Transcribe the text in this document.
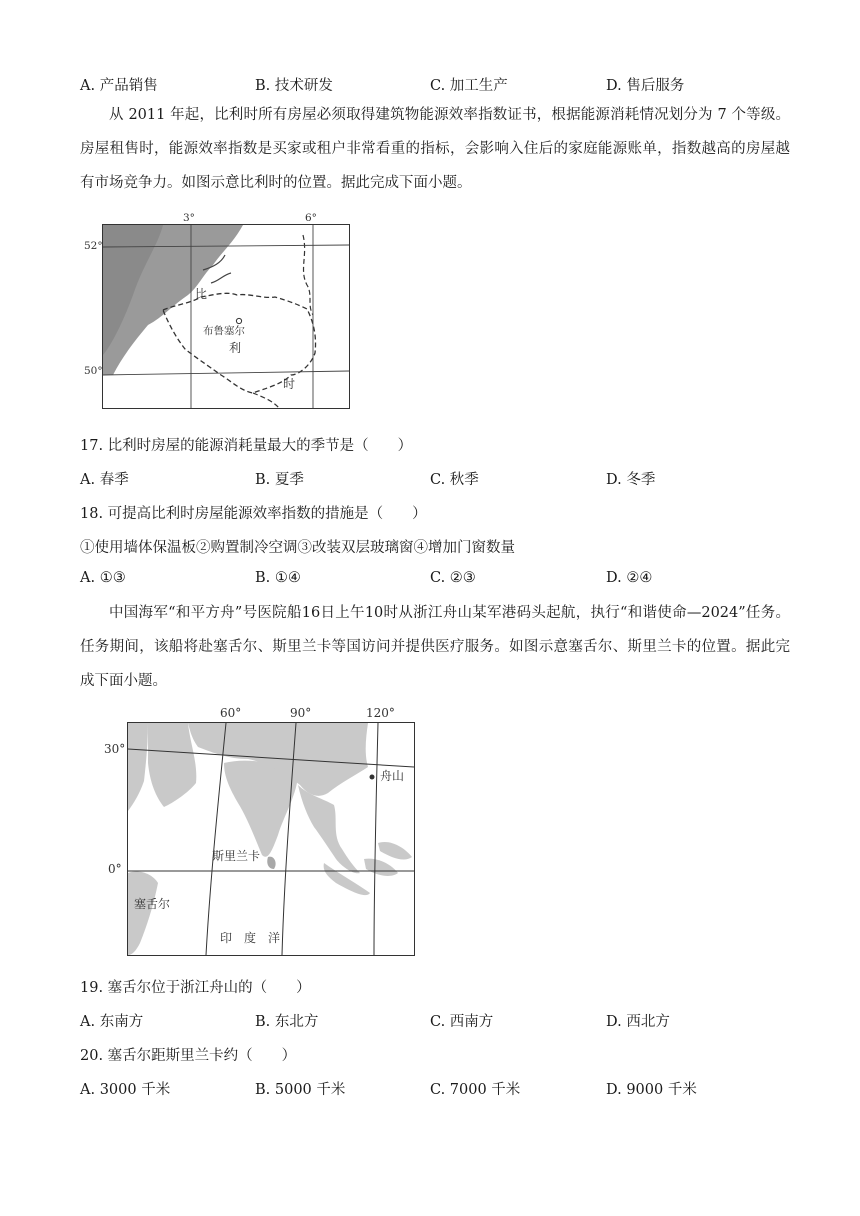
A. 产品销售	B. 技术研发	C. 加工生产	D. 售后服务
从 2011 年起，比利时所有房屋必须取得建筑物能源效率指数证书，根据能源消耗情况划分为 7 个等级。房屋租售时，能源效率指数是买家或租户非常看重的指标，会影响入住后的家庭能源账单，指数越高的房屋越有市场竞争力。如图示意比利时的位置。据此完成下面小题。
比
布鲁塞尔
利
时
3°	6°
52°
50°
17. 比利时房屋的能源消耗量最大的季节是（　　）
A. 春季	B. 夏季	C. 秋季	D. 冬季
18. 可提高比利时房屋能源效率指数的措施是（　　）
①使用墙体保温板②购置制冷空调③改装双层玻璃窗④增加门窗数量
A. ①③	B. ①④	C. ②③	D. ②④
中国海军“和平方舟”号医院船16日上午10时从浙江舟山某军港码头起航，执行“和谐使命—2024”任务。任务期间，该船将赴塞舌尔、斯里兰卡等国访问并提供医疗服务。如图示意塞舌尔、斯里兰卡的位置。据此完成下面小题。
斯里兰卡
塞舌尔
舟山
印　度　洋
60°	90°	120°
30°
0°
19. 塞舌尔位于浙江舟山的（　　）
A. 东南方	B. 东北方	C. 西南方	D. 西北方
20. 塞舌尔距斯里兰卡约（　　）
A. 3000 千米	B. 5000 千米	C. 7000 千米	D. 9000 千米
